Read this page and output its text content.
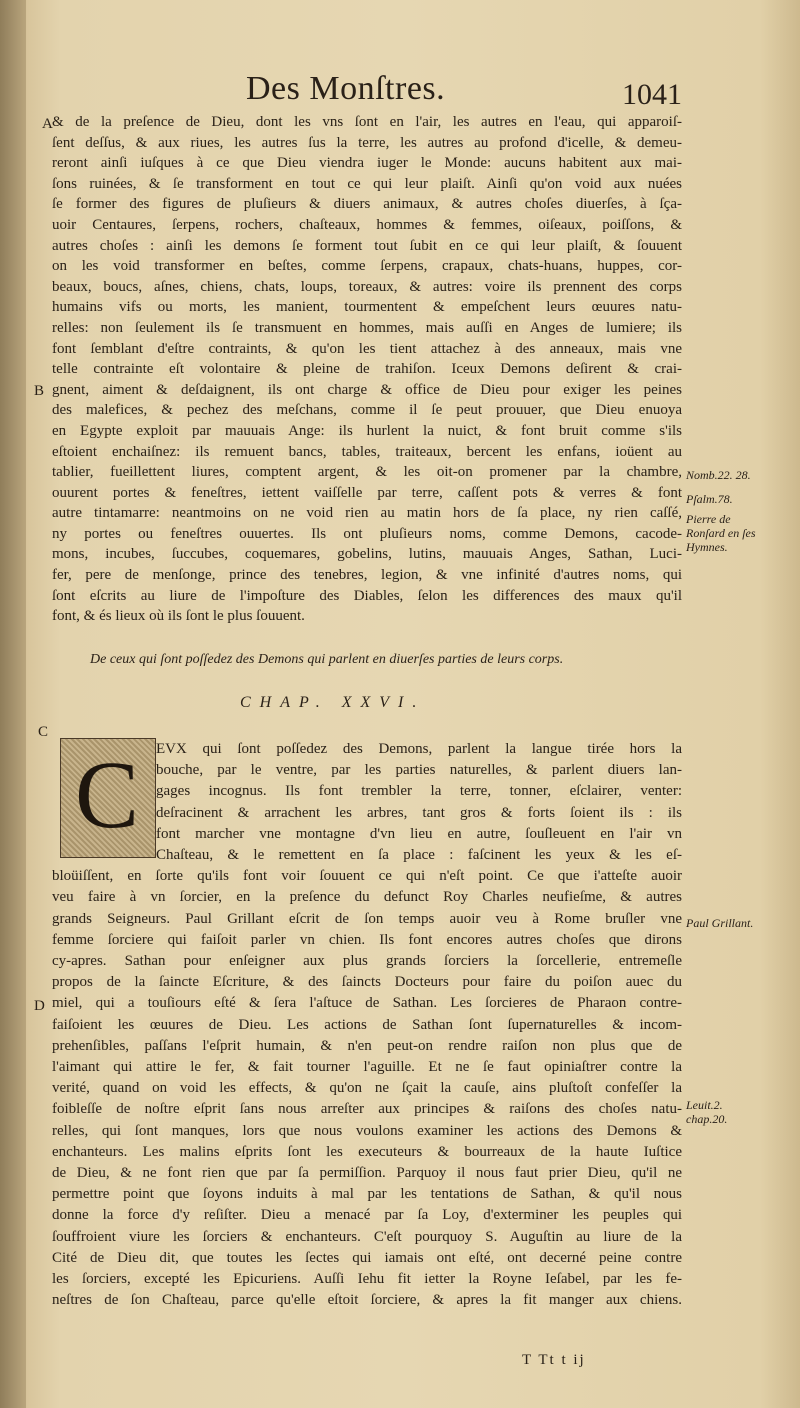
Des Monſtres.	1041
A
B
C
D
& de la preſence de Dieu, dont les vns ſont en l'air, les autres en l'eau, qui apparoiſ-
ſent deſſus, & aux riues, les autres ſus la terre, les autres au profond d'icelle, & demeu-
reront ainſi iuſques à ce que Dieu viendra iuger le Monde: aucuns habitent aux mai-
ſons ruinées, & ſe transforment en tout ce qui leur plaiſt. Ainſi qu'on void aux nuées
ſe former des figures de pluſieurs & diuers animaux, & autres choſes diuerſes, à ſça-
uoir Centaures, ſerpens, rochers, chaſteaux, hommes & femmes, oiſeaux, poiſſons, &
autres choſes : ainſi les demons ſe forment tout ſubit en ce qui leur plaiſt, & ſouuent
on les void transformer en beſtes, comme ſerpens, crapaux, chats-huans, huppes, cor-
beaux, boucs, aſnes, chiens, chats, loups, toreaux, & autres: voire ils prennent des corps
humains vifs ou morts, les manient, tourmentent & empeſchent leurs œuures natu-
relles: non ſeulement ils ſe transmuent en hommes, mais auſſi en Anges de lumiere; ils
font ſemblant d'eſtre contraints, & qu'on les tient attachez à des anneaux, mais vne
telle contrainte eſt volontaire & pleine de trahiſon. Iceux Demons deſirent & crai-
gnent, aiment & deſdaignent, ils ont charge & office de Dieu pour exiger les peines
des malefices, & pechez des meſchans, comme il ſe peut prouuer, que Dieu enuoya
en Egypte exploit par mauuais Ange: ils hurlent la nuict, & font bruit comme s'ils
eſtoient enchaiſnez: ils remuent bancs, tables, traiteaux, bercent les enfans, ioüent au
tablier, fueillettent liures, comptent argent, & les oit-on promener par la chambre,
ouurent portes & feneſtres, iettent vaiſſelle par terre, caſſent pots & verres & font
autre tintamarre: neantmoins on ne void rien au matin hors de ſa place, ny rien caſſé,
ny portes ou feneſtres ouuertes. Ils ont pluſieurs noms, comme Demons, cacode-
mons, incubes, ſuccubes, coquemares, gobelins, lutins, mauuais Anges, Sathan, Luci-
fer, pere de menſonge, prince des tenebres, legion, & vne infinité d'autres noms, qui
ſont eſcrits au liure de l'impoſture des Diables, ſelon les differences des maux qu'il
font, & és lieux où ils ſont le plus ſouuent.
De ceux qui ſont poſſedez des Demons qui parlent en diuerſes parties de leurs corps.
CHAP. XXVI.
C	EVX qui ſont poſſedez des Demons, parlent la langue tirée hors la
bouche, par le ventre, par les parties naturelles, & parlent diuers lan-
gages incognus. Ils font trembler la terre, tonner, eſclairer, venter:
deſracinent & arrachent les arbres, tant gros & forts ſoient ils : ils
font marcher vne montagne d'vn lieu en autre, ſouſleuent en l'air vn
Chaſteau, & le remettent en ſa place : faſcinent les yeux & les eſ-
bloüiſſent, en ſorte qu'ils font voir ſouuent ce qui n'eſt point. Ce que i'atteſte auoir
veu faire à vn ſorcier, en la preſence du defunct Roy Charles neufieſme, & autres
grands Seigneurs. Paul Grillant eſcrit de ſon temps auoir veu à Rome bruſler vne
femme ſorciere qui faiſoit parler vn chien. Ils font encores autres choſes que dirons
cy-apres. Sathan pour enſeigner aux plus grands ſorciers la ſorcellerie, entremeſle
propos de la ſaincte Eſcriture, & des ſaincts Docteurs pour faire du poiſon auec du
miel, qui a touſiours eſté & ſera l'aſtuce de Sathan. Les ſorcieres de Pharaon contre-
faiſoient les œuures de Dieu. Les actions de Sathan ſont ſupernaturelles & incom-
prehenſibles, paſſans l'eſprit humain, & n'en peut-on rendre raiſon non plus que de
l'aimant qui attire le fer, & fait tourner l'aguille. Et ne ſe faut opiniaſtrer contre la
verité, quand on void les effects, & qu'on ne ſçait la cauſe, ains pluſtoſt confeſſer la
foibleſſe de noſtre eſprit ſans nous arreſter aux principes & raiſons des choſes natu-
relles, qui ſont manques, lors que nous voulons examiner les actions des Demons &
enchanteurs. Les malins eſprits ſont les executeurs & bourreaux de la haute Iuſtice
de Dieu, & ne font rien que par ſa permiſſion. Parquoy il nous faut prier Dieu, qu'il ne
permettre point que ſoyons induits à mal par les tentations de Sathan, & qu'il nous
donne la force d'y reſiſter. Dieu a menacé par ſa Loy, d'exterminer les peuples qui
ſouffroient viure les ſorciers & enchanteurs. C'eſt pourquoy S. Auguſtin au liure de la
Cité de Dieu dit, que toutes les ſectes qui iamais ont eſté, ont decerné peine contre
les ſorciers, excepté les Epicuriens. Auſſi Iehu fit ietter la Royne Ieſabel, par les fe-
neſtres de ſon Chaſteau, parce qu'elle eſtoit ſorciere, & apres la fit manger aux chiens.
Nomb.22. 28.
Pſalm.78.
Pierre de Ronſard en ſes Hymnes.
Paul Grillant.
Leuit.2. chap.20.
T Tt t ij
